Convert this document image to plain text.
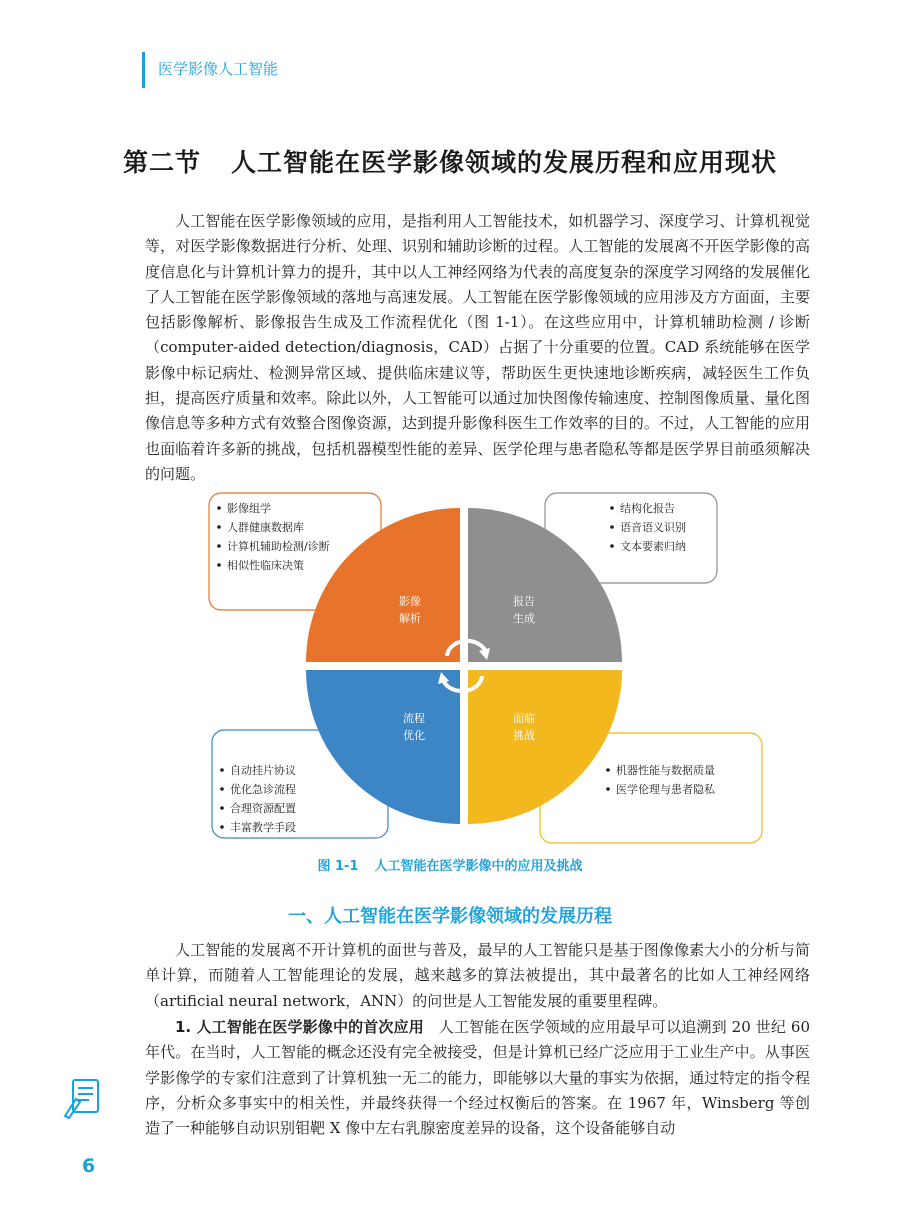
医学影像人工智能
第二节 人工智能在医学影像领域的发展历程和应用现状

人工智能在医学影像领域的应用，是指利用人工智能技术，如机器学习、深度学习、计算机视觉等，对医学影像数据进行分析、处理、识别和辅助诊断的过程。人工智能的发展离不开医学影像的高度信息化与计算机计算力的提升，其中以人工神经网络为代表的高度复杂的深度学习网络的发展催化了人工智能在医学影像领域的落地与高速发展。人工智能在医学影像领域的应用涉及方方面面，主要包括影像解析、影像报告生成及工作流程优化（图 1-1）。在这些应用中，计算机辅助检测 / 诊断（computer-aided detection/diagnosis，CAD）占据了十分重要的位置。CAD 系统能够在医学影像中标记病灶、检测异常区域、提供临床建议等，帮助医生更快速地诊断疾病，减轻医生工作负担，提高医疗质量和效率。除此以外，人工智能可以通过加快图像传输速度、控制图像质量、量化图像信息等多种方式有效整合图像资源，达到提升影像科医生工作效率的目的。不过，人工智能的应用也面临着许多新的挑战，包括机器模型性能的差异、医学伦理与患者隐私等都是医学界目前亟须解决的问题。

影像
解析
报告
生成
流程
优化
面临
挑战
影像组学
人群健康数据库
计算机辅助检测/诊断
相似性临床决策
结构化报告
语音语义识别
文本要素归纳
自动挂片协议
优化急诊流程
合理资源配置
丰富教学手段
机器性能与数据质量
医学伦理与患者隐私
图 1-1 人工智能在医学影像中的应用及挑战
一、人工智能在医学影像领域的发展历程

人工智能的发展离不开计算机的面世与普及，最早的人工智能只是基于图像像素大小的分析与简单计算，而随着人工智能理论的发展，越来越多的算法被提出，其中最著名的比如人工神经网络（artificial neural network，ANN）的问世是人工智能发展的重要里程碑。

1. 人工智能在医学影像中的首次应用 人工智能在医学领域的应用最早可以追溯到 20 世纪 60 年代。在当时，人工智能的概念还没有完全被接受，但是计算机已经广泛应用于工业生产中。从事医学影像学的专家们注意到了计算机独一无二的能力，即能够以大量的事实为依据，通过特定的指令程序，分析众多事实中的相关性，并最终获得一个经过权衡后的答案。在 1967 年，Winsberg 等创造了一种能够自动识别钼靶 X 像中左右乳腺密度差异的设备，这个设备能够自动

6
